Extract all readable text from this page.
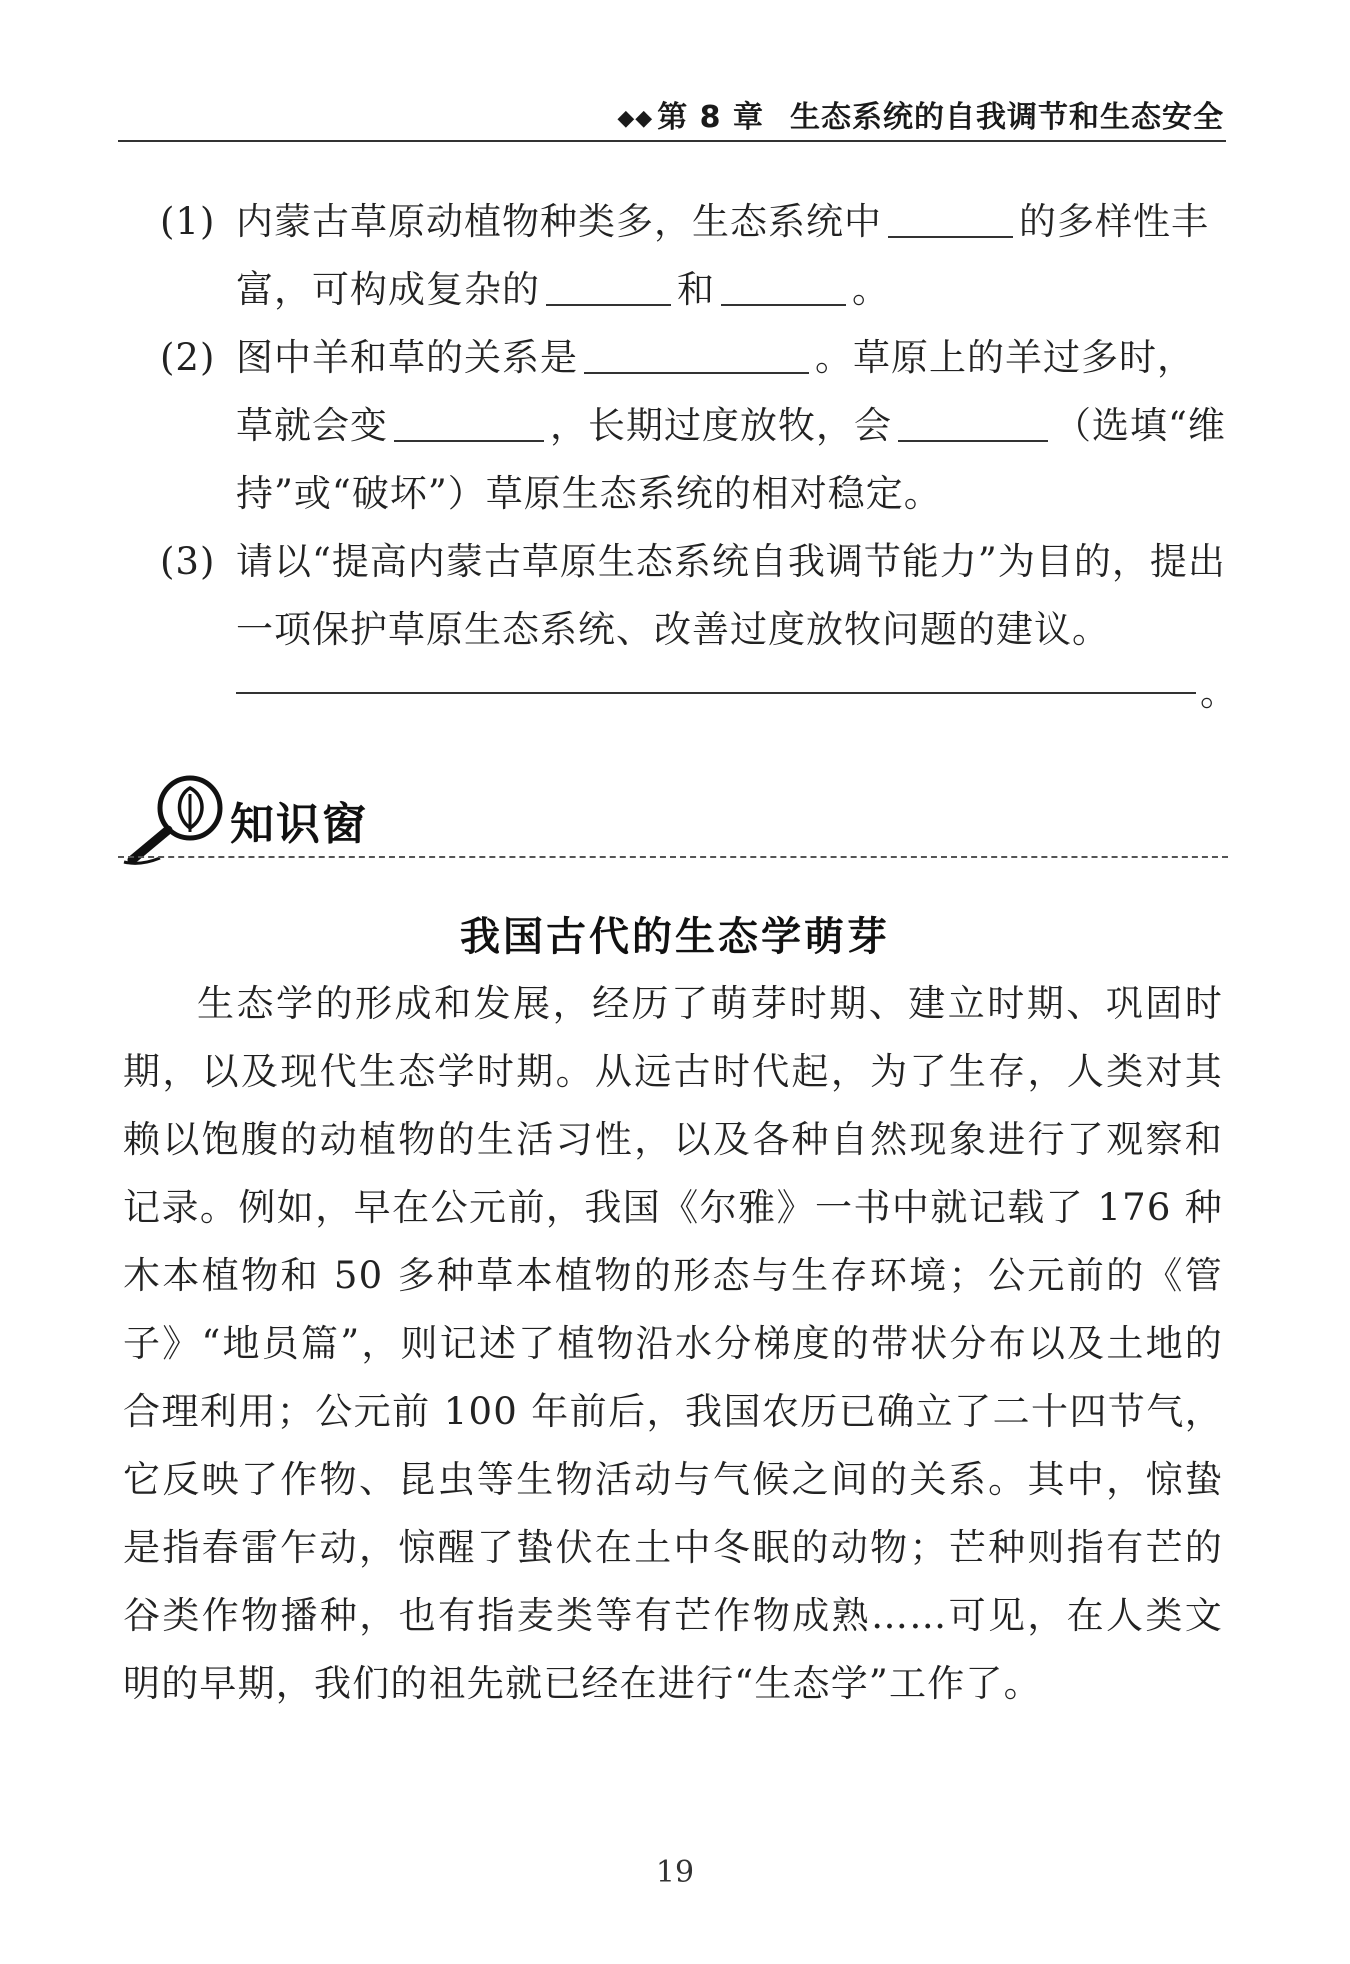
◆◆ 第 8 章 生态系统的自我调节和生态安全
(1) 内蒙古草原动植物种类多，生态系统中	的多样性丰富，可构成复杂的	和	。
(2) 图中羊和草的关系是	。草原上的羊过多时，草就会变	，长期过度放牧，会	（选填“维持”或“破坏”）草原生态系统的相对稳定。
(3) 请以“提高内蒙古草原生态系统自我调节能力”为目的，提出一项保护草原生态系统、改善过度放牧问题的建议。
。
知识窗
我国古代的生态学萌芽
生态学的形成和发展，经历了萌芽时期、建立时期、巩固时期，以及现代生态学时期。从远古时代起，为了生存，人类对其赖以饱腹的动植物的生活习性，以及各种自然现象进行了观察和记录。例如，早在公元前，我国《尔雅》一书中就记载了 176 种木本植物和 50 多种草本植物的形态与生存环境；公元前的《管子》“地员篇”，则记述了植物沿水分梯度的带状分布以及土地的合理利用；公元前 100 年前后，我国农历已确立了二十四节气，它反映了作物、昆虫等生物活动与气候之间的关系。其中，惊蛰是指春雷乍动，惊醒了蛰伏在土中冬眠的动物；芒种则指有芒的谷类作物播种，也有指麦类等有芒作物成熟……可见，在人类文明的早期，我们的祖先就已经在进行“生态学”工作了。
19
